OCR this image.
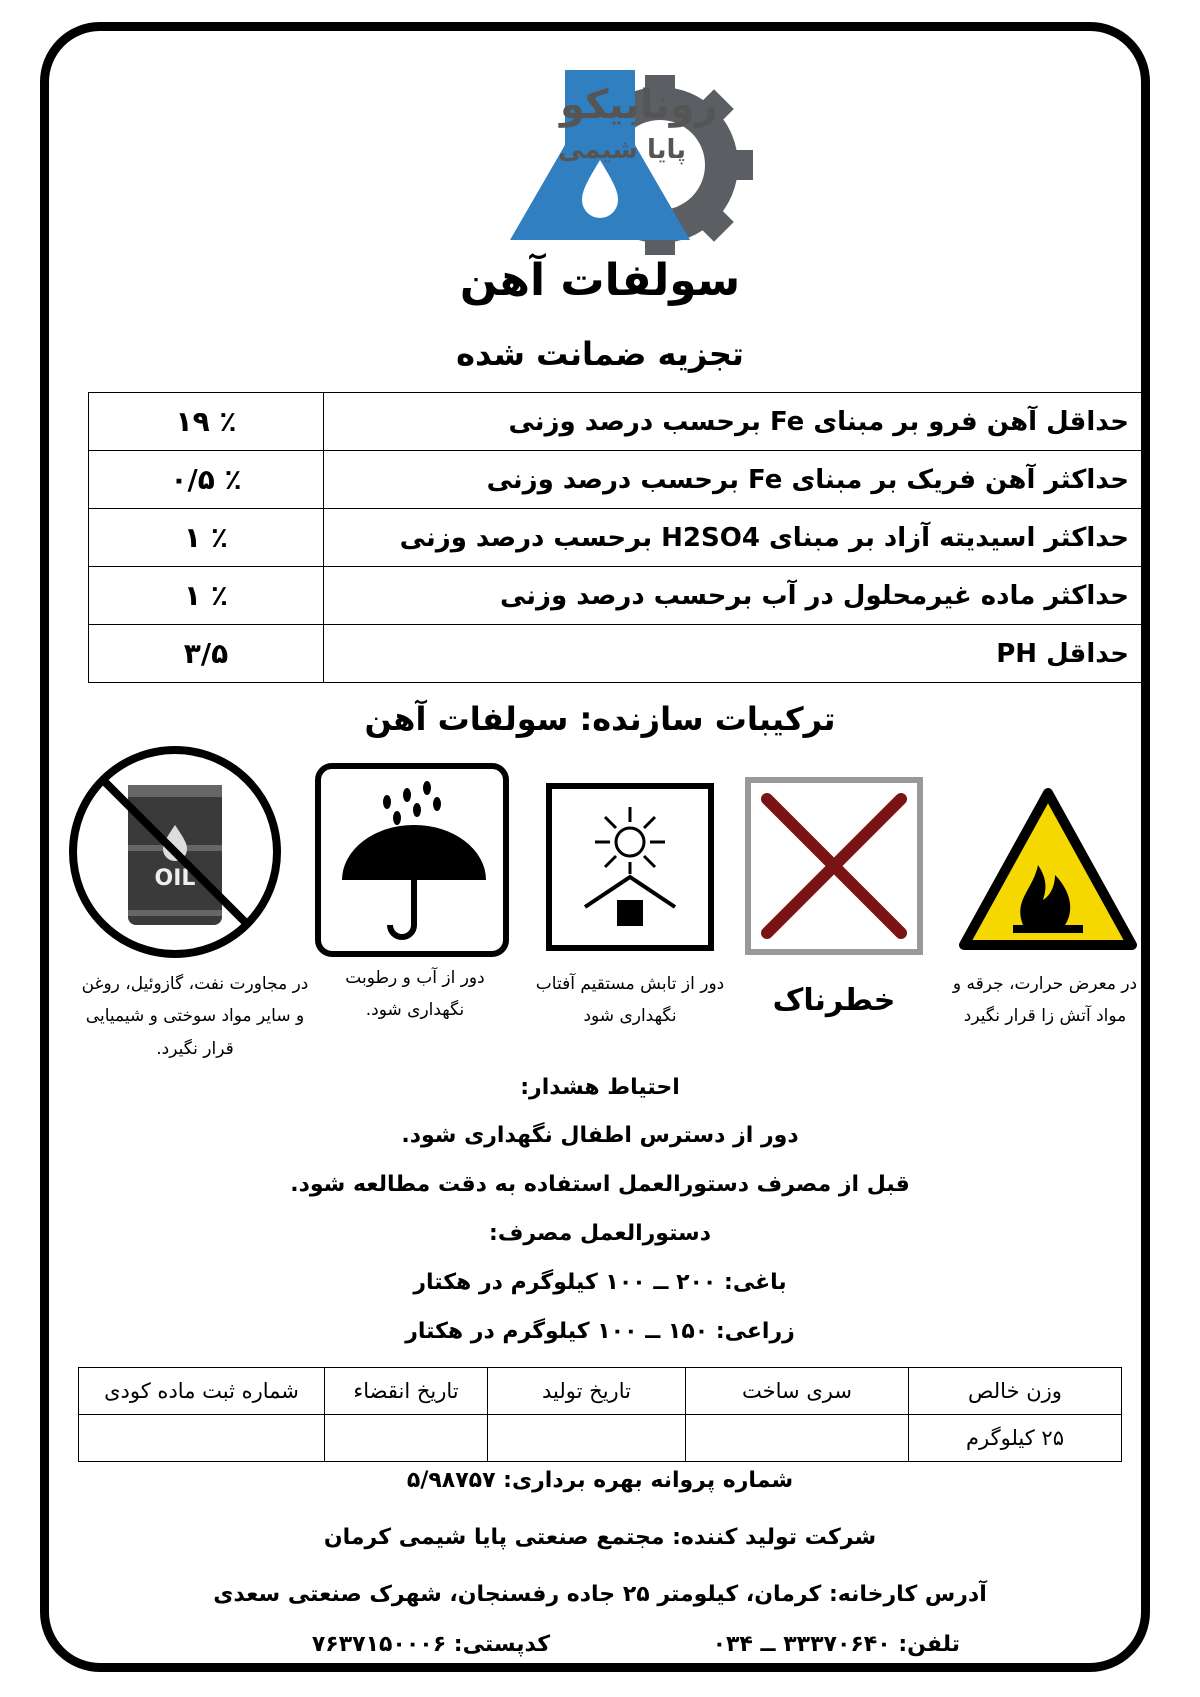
رونابیکو
پایا شیمی
سولفات آهن
تجزیه ضمانت شده
حداقل آهن فرو بر مبنای Fe برحسب درصد وزنی	٪ ۱۹
حداکثر آهن فریک بر مبنای Fe برحسب درصد وزنی	٪ ۰/۵
حداکثر اسیدیته آزاد بر مبنای H2SO4 برحسب درصد وزنی	٪ ۱
حداکثر ماده غیرمحلول در آب برحسب درصد وزنی	٪ ۱
حداقل PH	۳/۵
ترکیبات سازنده: سولفات آهن
در معرض حرارت، جرقه و مواد آتش زا قرار نگیرد
خطرناک
دور از تابش مستقیم آفتاب نگهداری شود
دور از آب و رطوبت نگهداری شود.
OIL
در مجاورت نفت، گازوئیل، روغن و سایر مواد سوختی و شیمیایی قرار نگیرد.
احتیاط هشدار:
دور از دسترس اطفال نگهداری شود.
قبل از مصرف دستورالعمل استفاده به دقت مطالعه شود.
دستورالعمل مصرف:
باغی: ۲۰۰ ــ ۱۰۰ کیلوگرم در هکتار
زراعی: ۱۵۰ ــ ۱۰۰ کیلوگرم در هکتار
وزن خالص	سری ساخت	تاریخ تولید	تاریخ انقضاء	شماره ثبت ماده کودی
۲۵ کیلوگرم				
شماره پروانه بهره برداری: ۵/۹۸۷۵۷
شرکت تولید کننده: مجتمع صنعتی پایا شیمی کرمان
آدرس کارخانه: کرمان، کیلومتر ۲۵ جاده رفسنجان، شهرک صنعتی سعدی
تلفن: ۳۳۳۷۰۶۴۰ ــ ۰۳۴
کدپستی: ۷۶۳۷۱۵۰۰۰۶
